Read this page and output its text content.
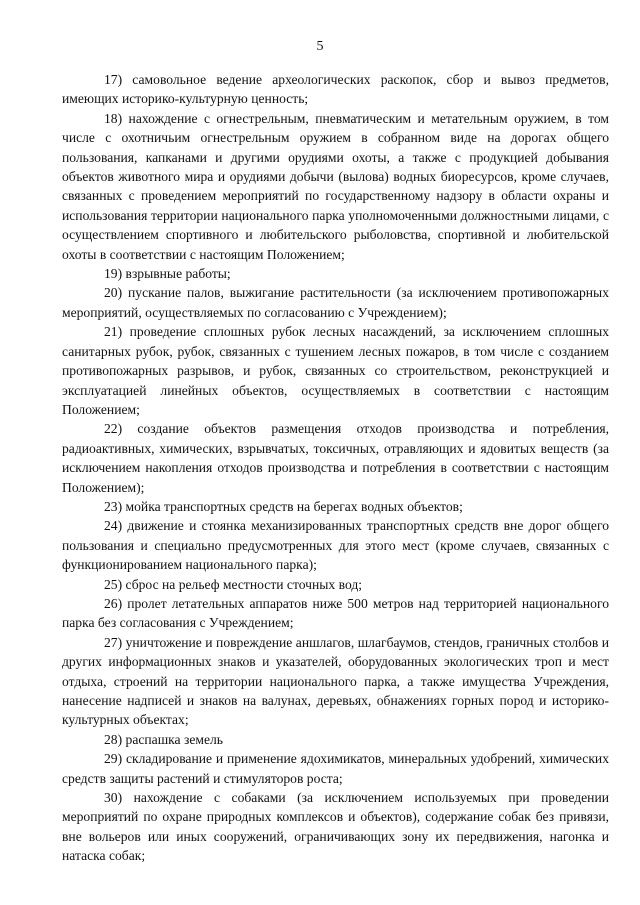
5

17) самовольное ведение археологических раскопок, сбор и вывоз предметов, имеющих историко-культурную ценность;

18) нахождение с огнестрельным, пневматическим и метательным оружием, в том числе с охотничьим огнестрельным оружием в собранном виде на дорогах общего пользования, капканами и другими орудиями охоты, а также с продукцией добывания объектов животного мира и орудиями добычи (вылова) водных биоресурсов, кроме случаев, связанных с проведением мероприятий по государственному надзору в области охраны и использования территории национального парка уполномоченными должностными лицами, с осуществлением спортивного и любительского рыболовства, спортивной и любительской охоты в соответствии с настоящим Положением;

19) взрывные работы;

20) пускание палов, выжигание растительности (за исключением противопожарных мероприятий, осуществляемых по согласованию с Учреждением);

21) проведение сплошных рубок лесных насаждений, за исключением сплошных санитарных рубок, рубок, связанных с тушением лесных пожаров, в том числе с созданием противопожарных разрывов, и рубок, связанных со строительством, реконструкцией и эксплуатацией линейных объектов, осуществляемых в соответствии с настоящим Положением;

22) создание объектов размещения отходов производства и потребления, радиоактивных, химических, взрывчатых, токсичных, отравляющих и ядовитых веществ (за исключением накопления отходов производства и потребления в соответствии с настоящим Положением);

23) мойка транспортных средств на берегах водных объектов;

24) движение и стоянка механизированных транспортных средств вне дорог общего пользования и специально предусмотренных для этого мест (кроме случаев, связанных с функционированием национального парка);

25) сброс на рельеф местности сточных вод;

26) пролет летательных аппаратов ниже 500 метров над территорией национального парка без согласования с Учреждением;

27) уничтожение и повреждение аншлагов, шлагбаумов, стендов, граничных столбов и других информационных знаков и указателей, оборудованных экологических троп и мест отдыха, строений на территории национального парка, а также имущества Учреждения, нанесение надписей и знаков на валунах, деревьях, обнажениях горных пород и историко-культурных объектах;

28) распашка земель

29) складирование и применение ядохимикатов, минеральных удобрений, химических средств защиты растений и стимуляторов роста;

30) нахождение с собаками (за исключением используемых при проведении мероприятий по охране природных комплексов и объектов), содержание собак без привязи, вне вольеров или иных сооружений, ограничивающих зону их передвижения, нагонка и натаска собак;
